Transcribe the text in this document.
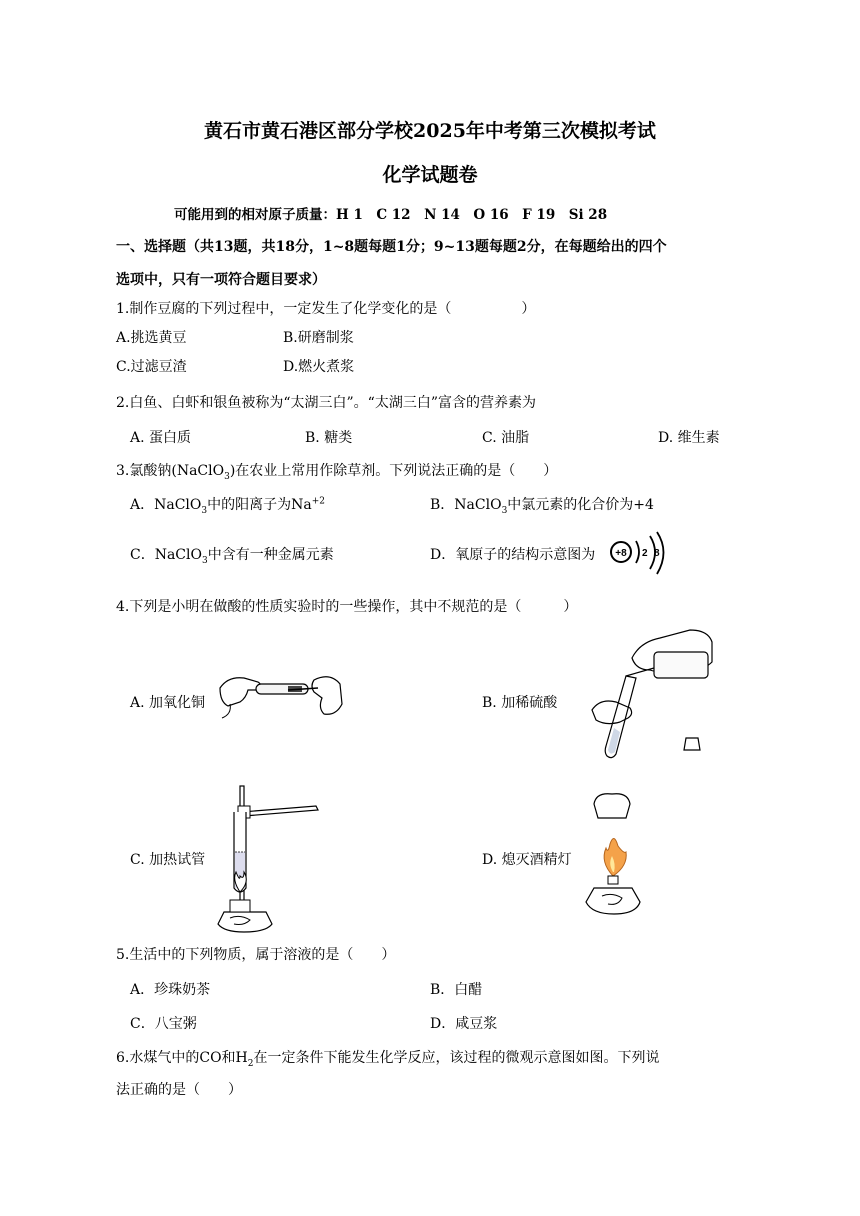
黄石市黄石港区部分学校2025年中考第三次模拟考试
化学试题卷
可能用到的相对原子质量：H 1　C 12　N 14　O 16　F 19　Si 28
一、选择题（共13题，共18分，1~8题每题1分；9~13题每题2分，在每题给出的四个
选项中，只有一项符合题目要求）
1.制作豆腐的下列过程中，一定发生了化学变化的是（　　　　　）
A.挑选黄豆	B.研磨制浆
C.过滤豆渣	D.燃火煮浆
2.白鱼、白虾和银鱼被称为“太湖三白”。“太湖三白”富含的营养素为
A. 蛋白质	B. 糖类	C. 油脂	D. 维生素
3.氯酸钠(NaClO$_3$)在农业上常用作除草剂。下列说法正确的是（　　）
A．NaClO$_3$中的阳离子为$Na^{+2}$	B．NaClO$_3$中氯元素的化合价为+4
C．NaClO$_3$中含有一种金属元素	D．氧原子的结构示意图为 +8 2 8
4.下列是小明在做酸的性质实验时的一些操作，其中不规范的是（　　　）
A. 加氧化铜	B. 加稀硫酸
C. 加热试管	D. 熄灭酒精灯
5.生活中的下列物质，属于溶液的是（　　）
A．珍珠奶茶	B．白醋
C．八宝粥	D．咸豆浆
6.水煤气中的CO和$H_2$在一定条件下能发生化学反应，该过程的微观示意图如图。下列说
法正确的是（　　）
